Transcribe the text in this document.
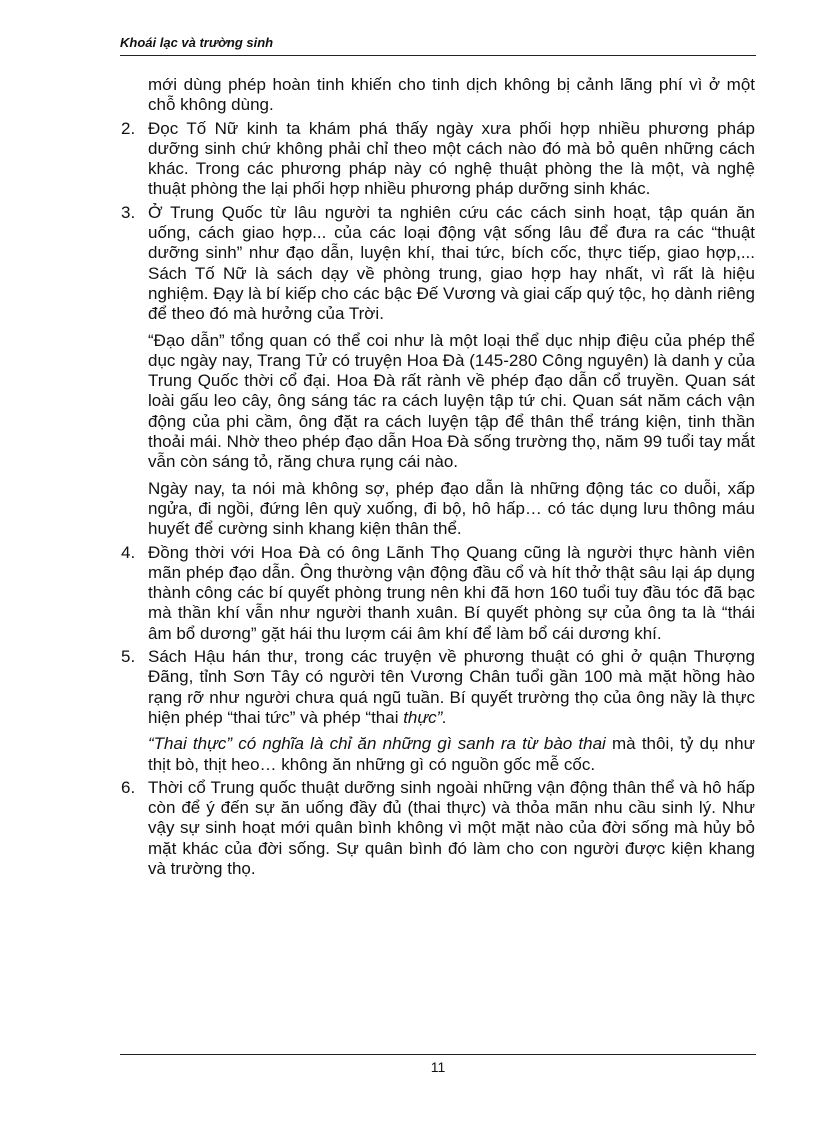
Khoái lạc và trường sinh

mới dùng phép hoàn tinh khiến cho tinh dịch không bị cảnh lãng phí vì ở một chỗ không dùng.

2. Đọc Tố Nữ kinh ta khám phá thấy ngày xưa phối hợp nhiều phương pháp dưỡng sinh chứ không phải chỉ theo một cách nào đó mà bỏ quên những cách khác. Trong các phương pháp này có nghệ thuật phòng the là một, và nghệ thuật phòng the lại phối hợp nhiều phương pháp dưỡng sinh khác.

3. Ở Trung Quốc từ lâu người ta nghiên cứu các cách sinh hoạt, tập quán ăn uống, cách giao hợp... của các loại động vật sống lâu để đưa ra các “thuật dưỡng sinh” như đạo dẫn, luyện khí, thai tức, bích cốc, thực tiếp, giao hợp,... Sách Tố Nữ là sách dạy về phòng trung, giao hợp hay nhất, vì rất là hiệu nghiệm. Đạy là bí kiếp cho các bậc Đế Vương và giai cấp quý tộc, họ dành riêng để theo đó mà hưởng của Trời.

“Đạo dẫn” tổng quan có thể coi như là một loại thể dục nhịp điệu của phép thể dục ngày nay, Trang Tử có truyện Hoa Đà (145-280 Công nguyên) là danh y của Trung Quốc thời cổ đại. Hoa Đà rất rành về phép đạo dẫn cổ truyền. Quan sát loài gấu leo cây, ông sáng tác ra cách luyện tập tứ chi. Quan sát năm cách vận động của phi cầm, ông đặt ra cách luyện tập để thân thể tráng kiện, tinh thần thoải mái. Nhờ theo phép đạo dẫn Hoa Đà sống trường thọ, năm 99 tuổi tay mắt vẫn còn sáng tỏ, răng chưa rụng cái nào.

Ngày nay, ta nói mà không sợ, phép đạo dẫn là những động tác co duỗi, xấp ngửa, đi ngồi, đứng lên quỳ xuống, đi bộ, hô hấp… có tác dụng lưu thông máu huyết để cường sinh khang kiện thân thể.

4. Đồng thời với Hoa Đà có ông Lãnh Thọ Quang cũng là người thực hành viên mãn phép đạo dẫn. Ông thường vận động đầu cổ và hít thở thật sâu lại áp dụng thành công các bí quyết phòng trung nên khi đã hơn 160 tuổi tuy đầu tóc đã bạc mà thần khí vẫn như người thanh xuân. Bí quyết phòng sự của ông ta là “thái âm bổ dương” gặt hái thu lượm cái âm khí để làm bổ cái dương khí.

5. Sách Hậu hán thư, trong các truyện về phương thuật có ghi ở quận Thượng Đãng, tỉnh Sơn Tây có người tên Vương Chân tuổi gần 100 mà mặt hồng hào rạng rỡ như người chưa quá ngũ tuần. Bí quyết trường thọ của ông nầy là thực hiện phép “thai tức” và phép “thai thực”.

“Thai thực” có nghĩa là chỉ ăn những gì sanh ra từ bào thai mà thôi, tỷ dụ như thịt bò, thịt heo… không ăn những gì có nguồn gốc mễ cốc.

6. Thời cổ Trung quốc thuật dưỡng sinh ngoài những vận động thân thể và hô hấp còn để ý đến sự ăn uống đầy đủ (thai thực) và thỏa mãn nhu cầu sinh lý. Như vậy sự sinh hoạt mới quân bình không vì một mặt nào của đời sống mà hủy bỏ mặt khác của đời sống. Sự quân bình đó làm cho con người được kiện khang và trường thọ.

11
